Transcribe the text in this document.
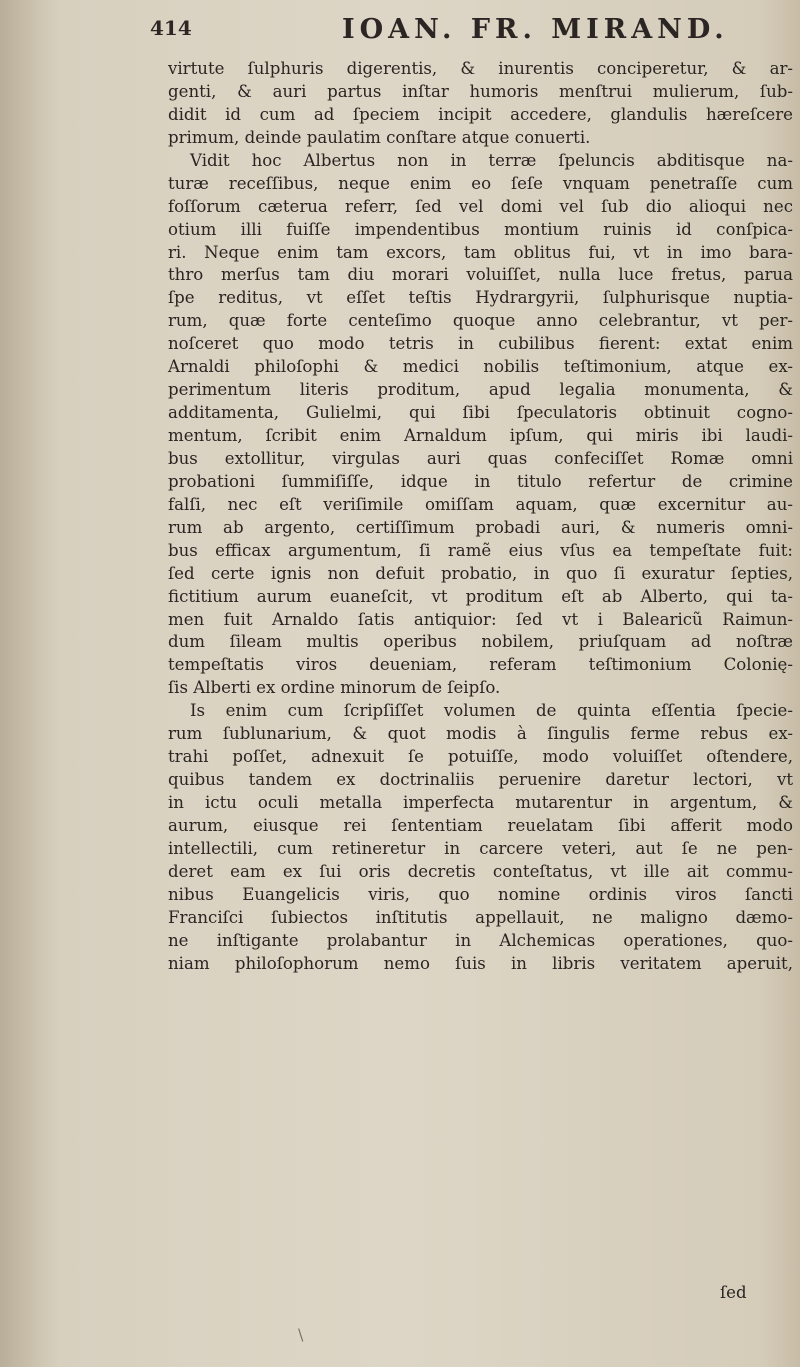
414	IOAN. FR. MIRAND.
virtute ſulphuris digerentis, & inurentis conciperetur, & ar-
genti, & auri partus inſtar humoris menſtrui mulierum, ſub-
didit id cum ad ſpeciem incipit accedere, glandulis hæreſcere
primum, deinde paulatim conſtare atque conuerti.
Vidit hoc Albertus non in terræ ſpeluncis abditisque na-
turæ receſſibus, neque enim eo ſeſe vnquam penetraſſe cum
foſſorum cæterua referr, ſed vel domi vel ſub dio alioqui nec
otium illi fuiſſe impendentibus montium ruinis id conſpica-
ri. Neque enim tam excors, tam oblitus fui, vt in imo bara-
thro merſus tam diu morari voluiſſet, nulla luce fretus, parua
ſpe reditus, vt eſſet teſtis Hydrargyrii, ſulphurisque nuptia-
rum, quæ forte centeſimo quoque anno celebrantur, vt per-
noſceret quo modo tetris in cubilibus fierent: extat enim
Arnaldi philoſophi & medici nobilis teſtimonium, atque ex-
perimentum literis proditum, apud legalia monumenta, &
additamenta, Gulielmi, qui ſibi ſpeculatoris obtinuit cogno-
mentum, ſcribit enim Arnaldum ipſum, qui miris ibi laudi-
bus extollitur, virgulas auri quas confeciſſet Romæ omni
probationi ſummiſiſſe, idque in titulo refertur de crimine
falſi, nec eſt veriſimile omiſſam aquam, quæ excernitur au-
rum ab argento, certiſſimum probadi auri, & numeris omni-
bus efficax argumentum, ſi ramẽ eius vſus ea tempeſtate fuit:
ſed certe ignis non defuit probatio, in quo ſi exuratur ſepties,
fictitium aurum euaneſcit, vt proditum eſt ab Alberto, qui ta-
men fuit Arnaldo ſatis antiquior: ſed vt i Balearicũ Raimun-
dum ſileam multis operibus nobilem, priuſquam ad noſtræ
tempeſtatis viros deueniam, referam teſtimonium Colonię-
ſis Alberti ex ordine minorum de ſeipſo.
Is enim cum ſcripſiſſet volumen de quinta eſſentia ſpecie-
rum ſublunarium, & quot modis à ſingulis ferme rebus ex-
trahi poſſet, adnexuit ſe potuiſſe, modo voluiſſet oſtendere,
quibus tandem ex doctrinaliis peruenire daretur lectori, vt
in ictu oculi metalla imperfecta mutarentur in argentum, &
aurum, eiusque rei ſententiam reuelatam ſibi afferit modo
intellectili, cum retineretur in carcere veteri, aut ſe ne pen-
deret eam ex ſui oris decretis conteſtatus, vt ille ait commu-
nibus Euangelicis viris, quo nomine ordinis viros ſancti
Franciſci ſubiectos inſtitutis appellauit, ne maligno dæmo-
ne inſtigante prolabantur in Alchemicas operationes, quo-
niam philoſophorum nemo ſuis in libris veritatem aperuit,
ſed
\
